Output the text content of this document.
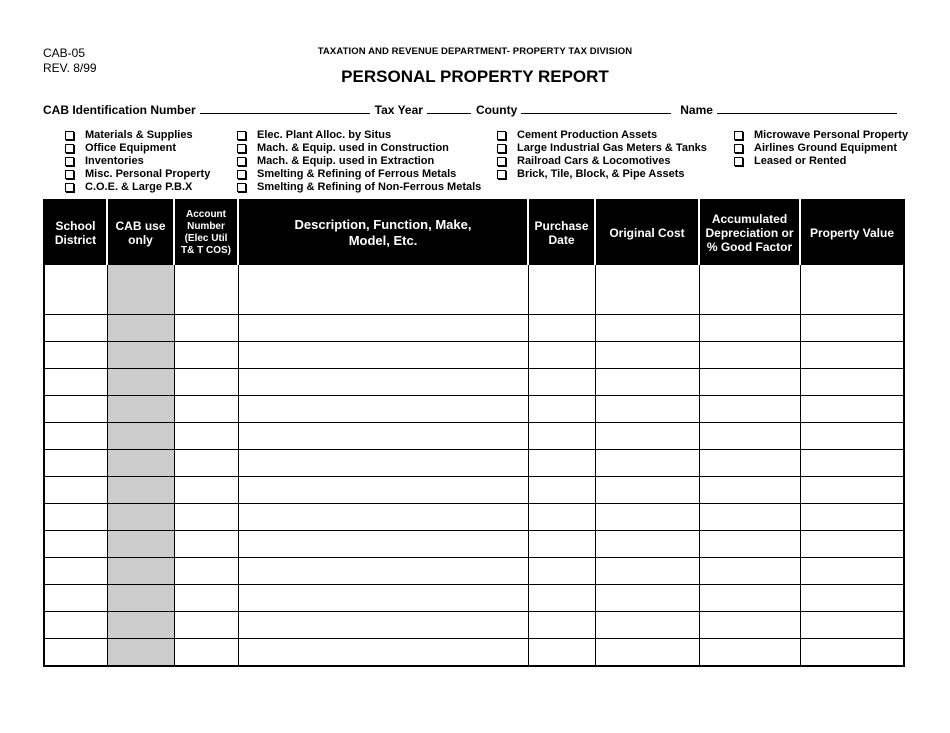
CAB-05
REV. 8/99
TAXATION AND REVENUE DEPARTMENT- PROPERTY TAX DIVISION
PERSONAL PROPERTY REPORT
CAB Identification Number	Tax Year	County	Name
Materials & Supplies
Office Equipment
Inventories
Misc. Personal Property
C.O.E. & Large P.B.X
Elec. Plant Alloc. by Situs
Mach. & Equip. used in Construction
Mach. & Equip. used in Extraction
Smelting & Refining of Ferrous Metals
Smelting & Refining of Non-Ferrous Metals
Cement Production Assets
Large Industrial Gas Meters & Tanks
Railroad Cars & Locomotives
Brick, Tile, Block, & Pipe Assets
Microwave Personal Property
Airlines Ground Equipment
Leased or Rented
School District	CAB use only	Account Number (Elec Util T& T COS)	Description, Function, Make, Model, Etc.	Purchase Date	Original Cost	Accumulated Depreciation or % Good Factor	Property Value
